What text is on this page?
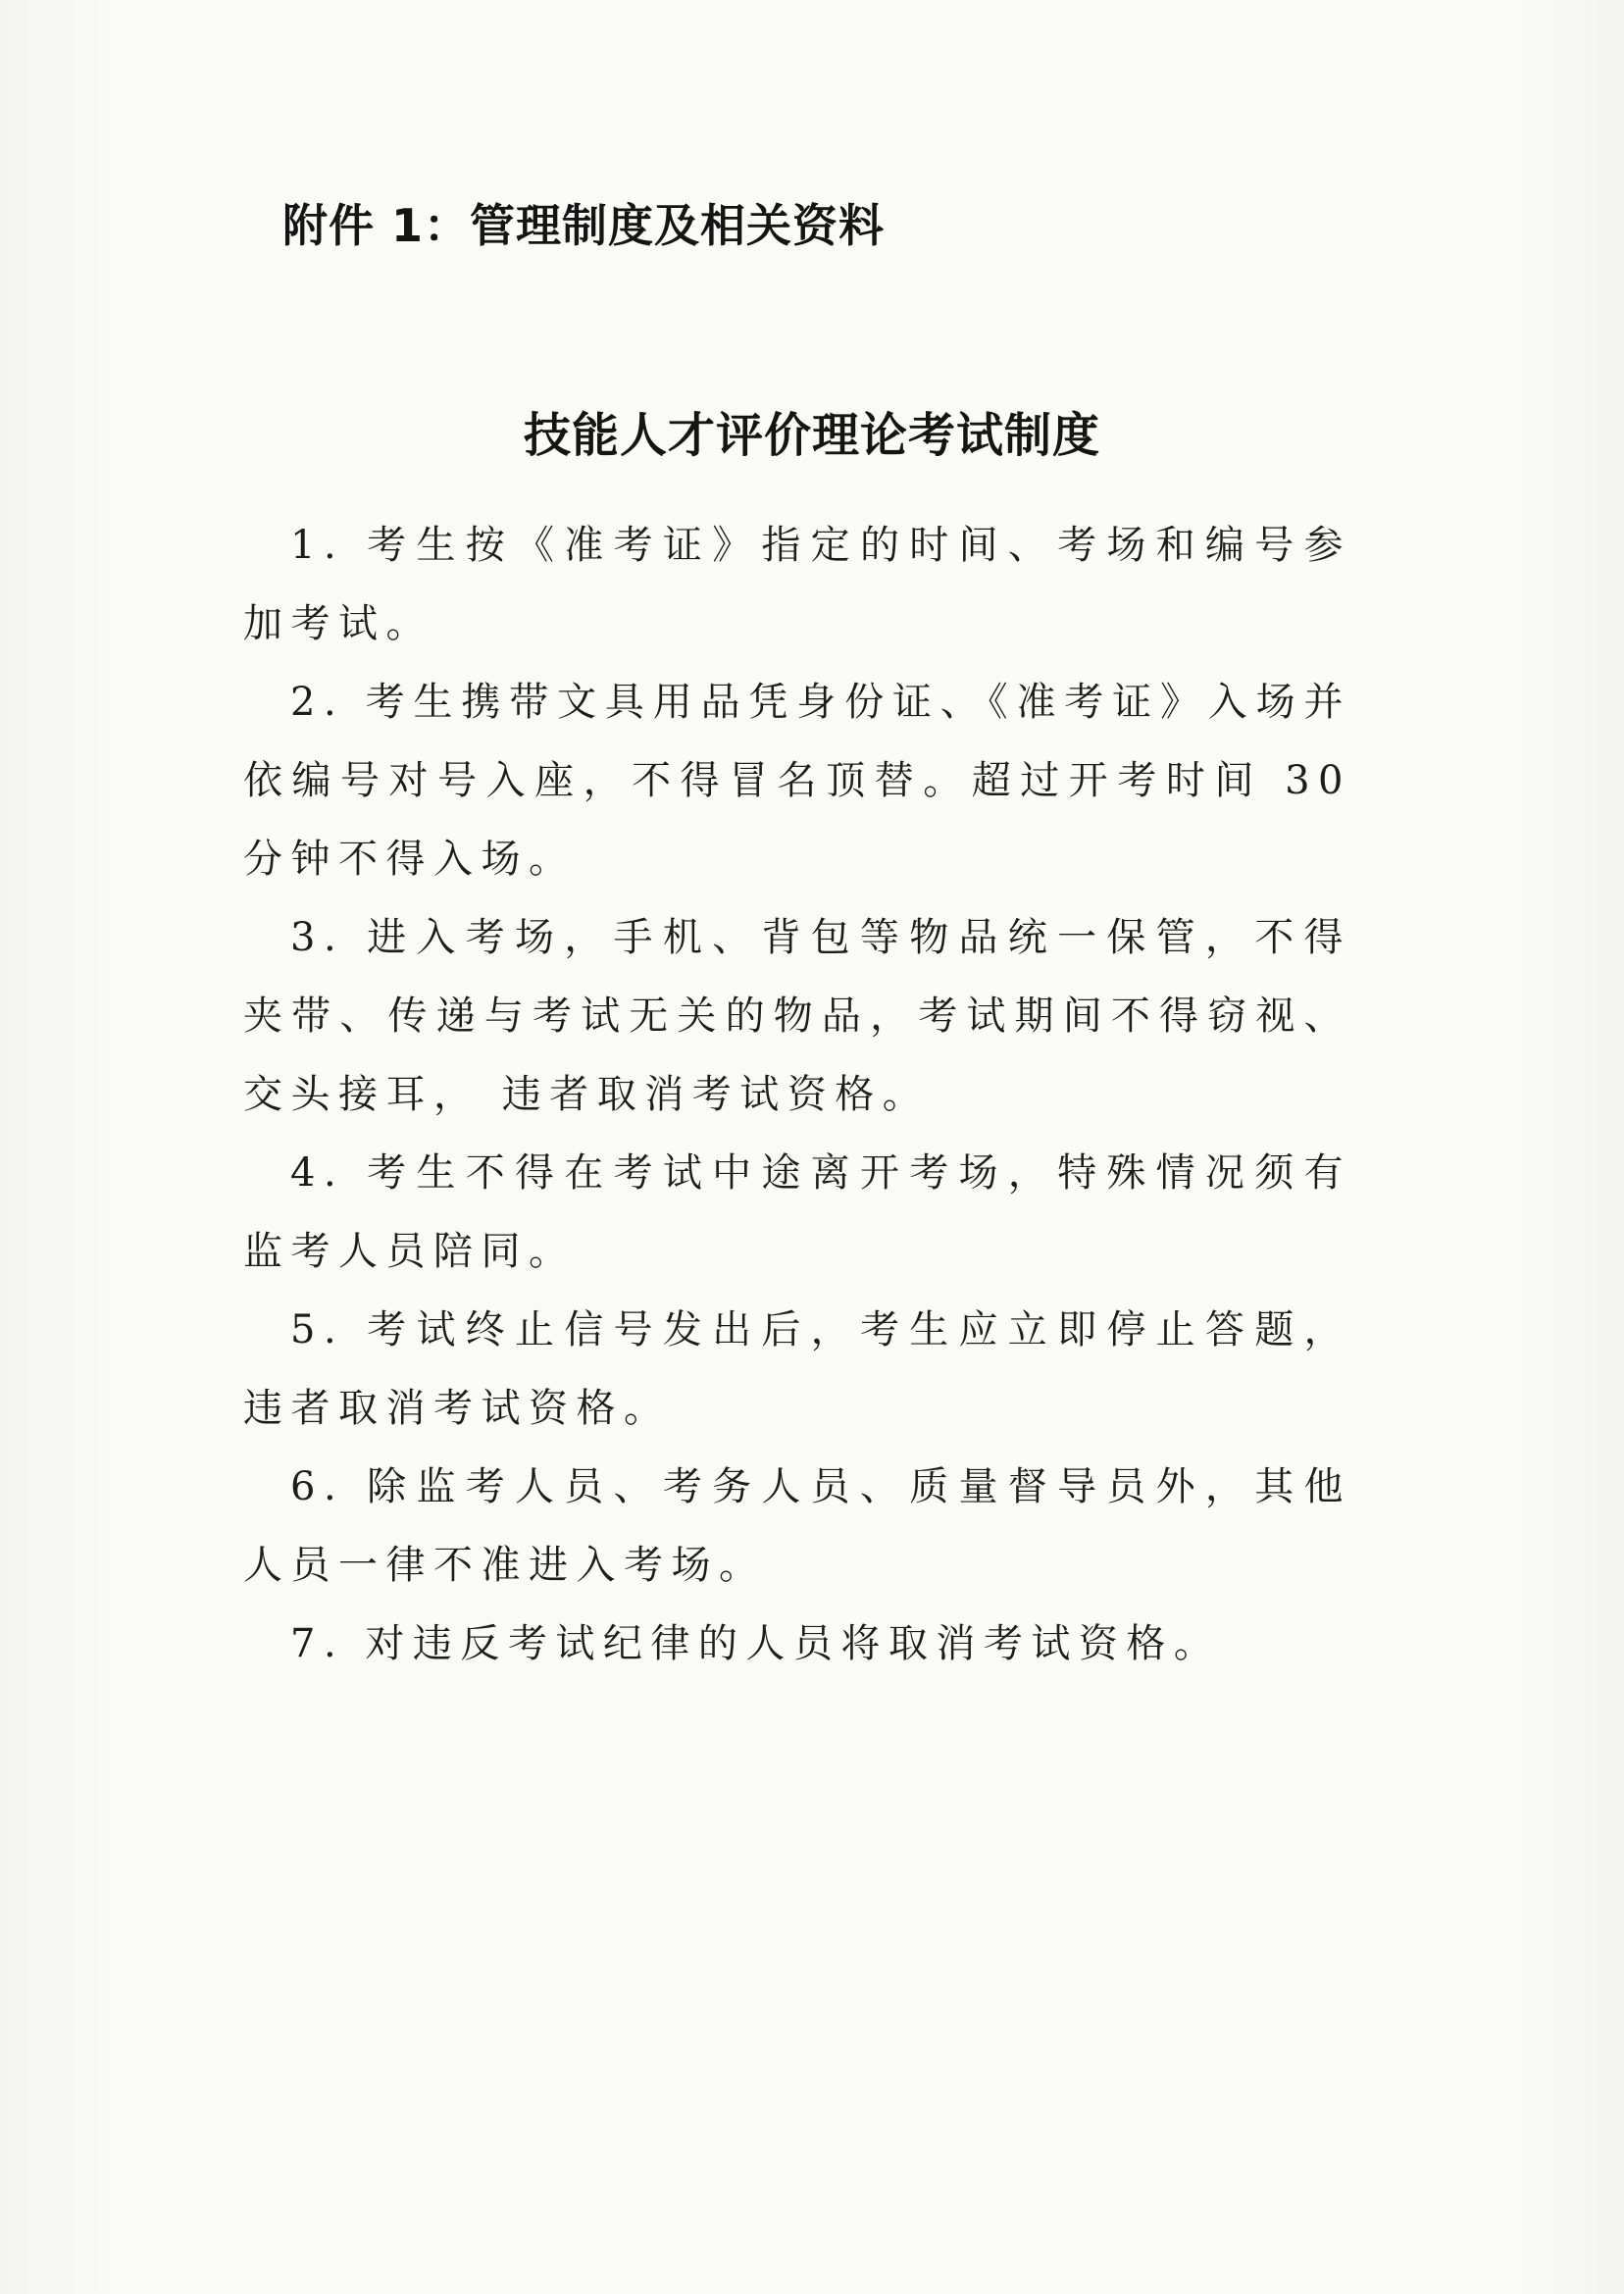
附件 1：管理制度及相关资料
技能人才评价理论考试制度

1. 考生按《准考证》指定的时间、考场和编号参加考试。

2. 考生携带文具用品凭身份证、《准考证》入场并依编号对号入座，不得冒名顶替。超过开考时间 30 分钟不得入场。

3. 进入考场，手机、背包等物品统一保管，不得夹带、传递与考试无关的物品，考试期间不得窃视、交头接耳， 违者取消考试资格。

4. 考生不得在考试中途离开考场，特殊情况须有监考人员陪同。

5. 考试终止信号发出后，考生应立即停止答题，违者取消考试资格。

6. 除监考人员、考务人员、质量督导员外，其他人员一律不准进入考场。

7. 对违反考试纪律的人员将取消考试资格。
